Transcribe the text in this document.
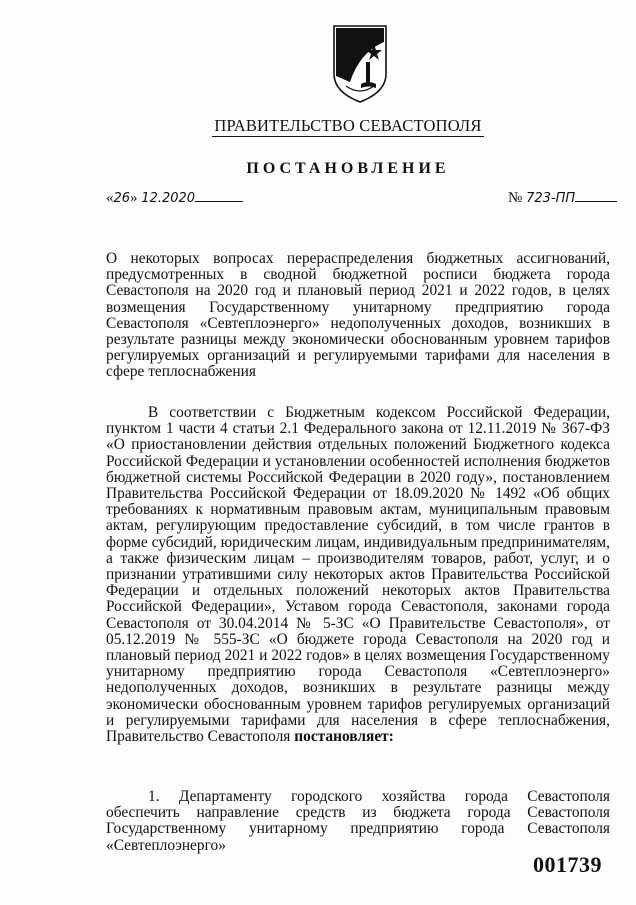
ПРАВИТЕЛЬСТВО СЕВАСТОПОЛЯ
ПОСТАНОВЛЕНИЕ
«26» 12.2020	№ 723-ПП
О некоторых вопросах перераспределения бюджетных ассигнований, предусмотренных в сводной бюджетной росписи бюджета города Севастополя на 2020 год и плановый период 2021 и 2022 годов, в целях возмещения Государственному унитарному предприятию города Севастополя «Севтеплоэнерго» недополученных доходов, возникших в результате разницы между экономически обоснованным уровнем тарифов регулируемых организаций и регулируемыми тарифами для населения в сфере теплоснабжения
В соответствии с Бюджетным кодексом Российской Федерации, пунктом 1 части 4 статьи 2.1 Федерального закона от 12.11.2019 № 367-ФЗ «О приостановлении действия отдельных положений Бюджетного кодекса Российской Федерации и установлении особенностей исполнения бюджетов бюджетной системы Российской Федерации в 2020 году», постановлением Правительства Российской Федерации от 18.09.2020 № 1492 «Об общих требованиях к нормативным правовым актам, муниципальным правовым актам, регулирующим предоставление субсидий, в том числе грантов в форме субсидий, юридическим лицам, индивидуальным предпринимателям, а также физическим лицам – производителям товаров, работ, услуг, и о признании утратившими силу некоторых актов Правительства Российской Федерации и отдельных положений некоторых актов Правительства Российской Федерации», Уставом города Севастополя, законами города Севастополя от 30.04.2014 № 5-ЗС «О Правительстве Севастополя», от 05.12.2019 № 555-ЗС «О бюджете города Севастополя на 2020 год и плановый период 2021 и 2022 годов» в целях возмещения Государственному унитарному предприятию города Севастополя «Севтеплоэнерго» недополученных доходов, возникших в результате разницы между экономически обоснованным уровнем тарифов регулируемых организаций и регулируемыми тарифами для населения в сфере теплоснабжения, Правительство Севастополя постановляет:
1. Департаменту городского хозяйства города Севастополя обеспечить направление средств из бюджета города Севастополя Государственному унитарному предприятию города Севастополя «Севтеплоэнерго»
001739
